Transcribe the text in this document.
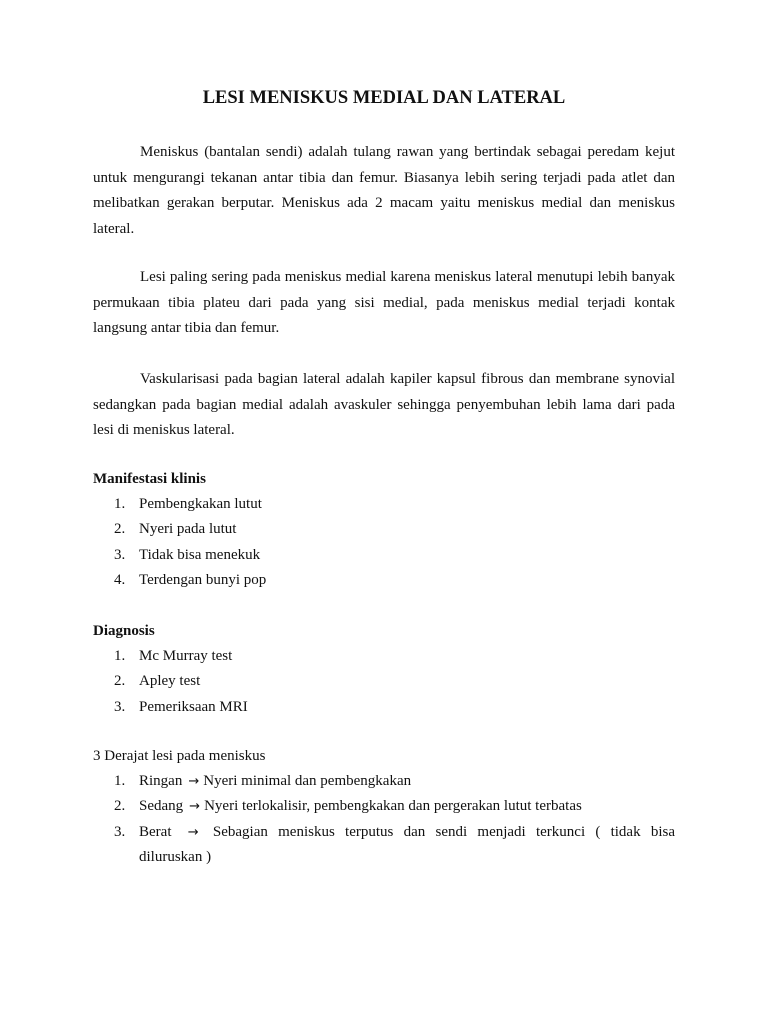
LESI MENISKUS MEDIAL DAN LATERAL

Meniskus (bantalan sendi) adalah tulang rawan yang bertindak sebagai peredam kejut untuk mengurangi tekanan antar tibia dan femur. Biasanya lebih sering terjadi pada atlet dan melibatkan gerakan berputar. Meniskus ada 2 macam yaitu meniskus medial dan meniskus lateral.

Lesi paling sering pada meniskus medial karena meniskus lateral menutupi lebih banyak permukaan tibia plateu dari pada yang sisi medial, pada meniskus medial terjadi kontak langsung antar tibia dan femur.

Vaskularisasi pada bagian lateral adalah kapiler kapsul fibrous dan membrane synovial sedangkan pada bagian medial adalah avaskuler sehingga penyembuhan lebih lama dari pada lesi di meniskus lateral.

Manifestasi klinis

1. Pembengkakan lutut
2. Nyeri pada lutut
3. Tidak bisa menekuk
4. Terdengan bunyi pop

Diagnosis

1. Mc Murray test
2. Apley test
3. Pemeriksaan MRI

3 Derajat lesi pada meniskus

1. Ringan → Nyeri minimal dan pembengkakan
2. Sedang → Nyeri terlokalisir, pembengkakan dan pergerakan lutut terbatas
3. Berat → Sebagian meniskus terputus dan sendi menjadi terkunci ( tidak bisa
diluruskan )
